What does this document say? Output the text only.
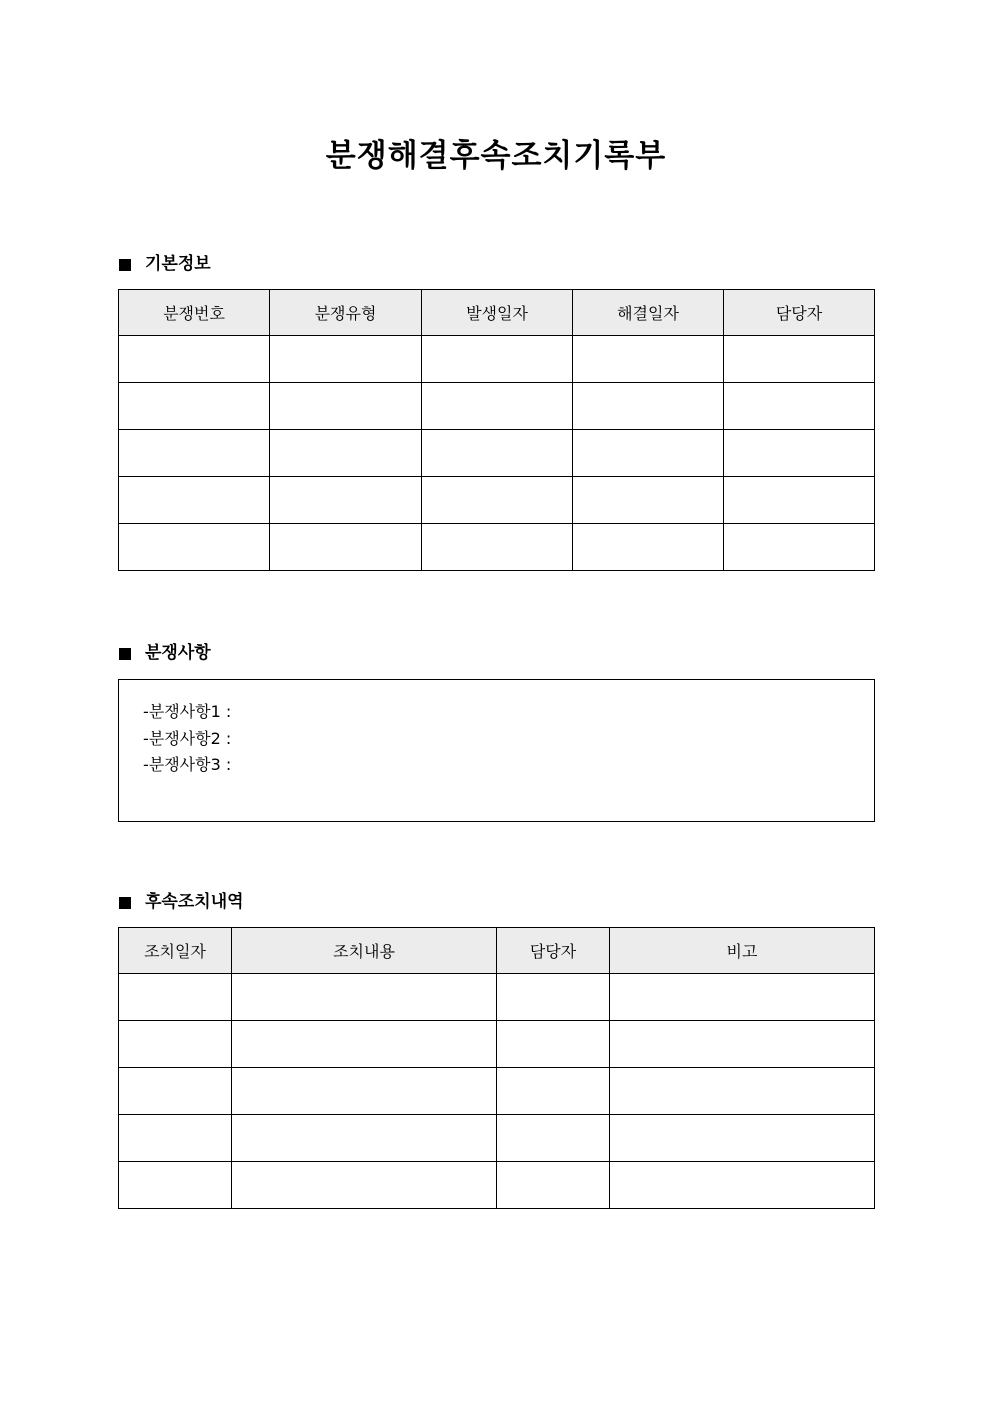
분쟁해결후속조치기록부
기본정보
분쟁번호	분쟁유형	발생일자	해결일자	담당자

분쟁사항
-분쟁사항1 :
-분쟁사항2 :
-분쟁사항3 :
후속조치내역
조치일자	조치내용	담당자	비고
